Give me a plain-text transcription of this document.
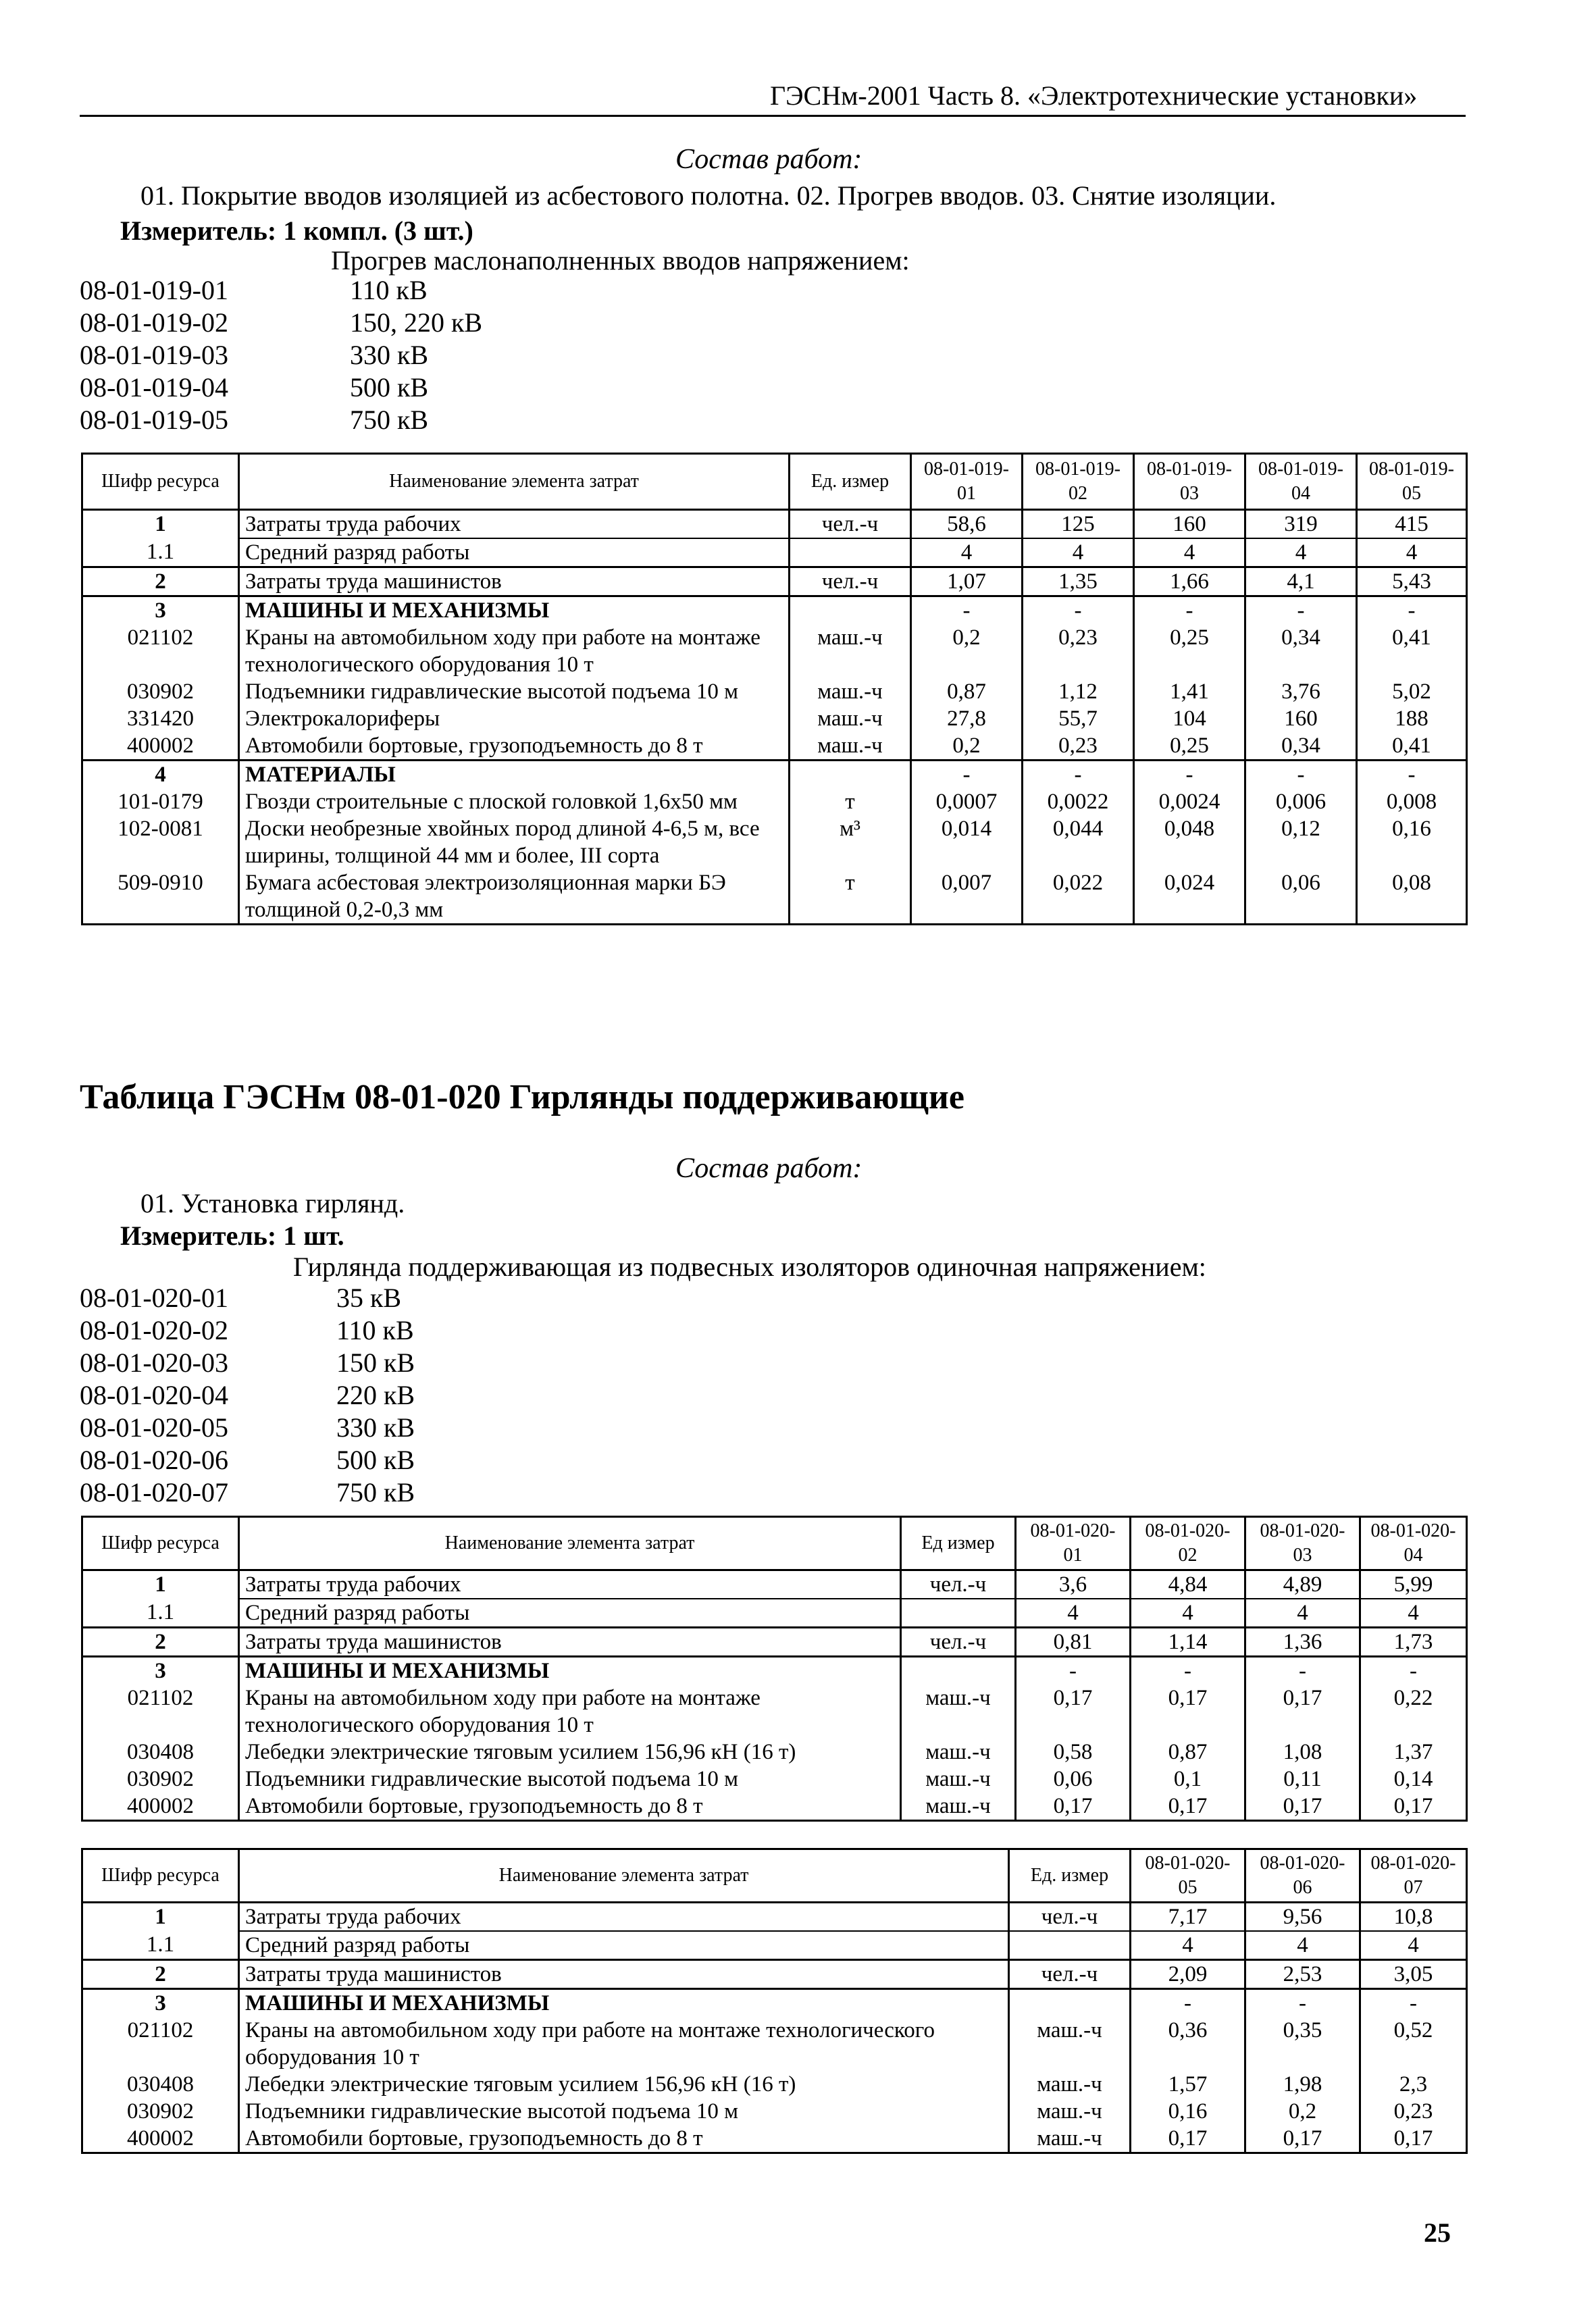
ГЭСНм-2001 Часть 8. «Электротехнические установки»
Состав работ:
01. Покрытие вводов изоляцией из асбестового полотна. 02. Прогрев вводов. 03. Снятие изоляции.
Измеритель: 1 компл. (3 шт.)
Прогрев маслонаполненных вводов напряжением:
08-01-019-01	110 кВ
08-01-019-02	150, 220 кВ
08-01-019-03	330 кВ
08-01-019-04	500 кВ
08-01-019-05	750 кВ
Шифр ресурса	Наименование элемента затрат	Ед. измер	08-01-019-01	08-01-019-02	08-01-019-03	08-01-019-04	08-01-019-05
1	Затраты труда рабочих	чел.-ч	58,6	125	160	319	415
1.1	Средний разряд работы		4	4	4	4	4
2	Затраты труда машинистов	чел.-ч	1,07	1,35	1,66	4,1	5,43
3	МАШИНЫ И МЕХАНИЗМЫ		-	-	-	-	-
021102	Краны на автомобильном ходу при работе на монтаже технологического оборудования 10 т	маш.-ч	0,2	0,23	0,25	0,34	0,41
030902	Подъемники гидравлические высотой подъема 10 м	маш.-ч	0,87	1,12	1,41	3,76	5,02
331420	Электрокалориферы	маш.-ч	27,8	55,7	104	160	188
400002	Автомобили бортовые, грузоподъемность до 8 т	маш.-ч	0,2	0,23	0,25	0,34	0,41
4	МАТЕРИАЛЫ		-	-	-	-	-
101-0179	Гвозди строительные с плоской головкой 1,6х50 мм	т	0,0007	0,0022	0,0024	0,006	0,008
102-0081	Доски необрезные хвойных пород длиной 4-6,5 м, все ширины, толщиной 44 мм и более, III сорта	м³	0,014	0,044	0,048	0,12	0,16
509-0910	Бумага асбестовая электроизоляционная марки БЭ толщиной 0,2-0,3 мм	т	0,007	0,022	0,024	0,06	0,08
Таблица ГЭСНм 08-01-020 Гирлянды поддерживающие
Состав работ:
01. Установка гирлянд.
Измеритель: 1 шт.
Гирлянда поддерживающая из подвесных изоляторов одиночная напряжением:
08-01-020-01	35 кВ
08-01-020-02	110 кВ
08-01-020-03	150 кВ
08-01-020-04	220 кВ
08-01-020-05	330 кВ
08-01-020-06	500 кВ
08-01-020-07	750 кВ
Шифр ресурса	Наименование элемента затрат	Ед измер	08-01-020-01	08-01-020-02	08-01-020-03	08-01-020-04
1	Затраты труда рабочих	чел.-ч	3,6	4,84	4,89	5,99
1.1	Средний разряд работы		4	4	4	4
2	Затраты труда машинистов	чел.-ч	0,81	1,14	1,36	1,73
3	МАШИНЫ И МЕХАНИЗМЫ		-	-	-	-
021102	Краны на автомобильном ходу при работе на монтаже технологического оборудования 10 т	маш.-ч	0,17	0,17	0,17	0,22
030408	Лебедки электрические тяговым усилием 156,96 кН (16 т)	маш.-ч	0,58	0,87	1,08	1,37
030902	Подъемники гидравлические высотой подъема 10 м	маш.-ч	0,06	0,1	0,11	0,14
400002	Автомобили бортовые, грузоподъемность до 8 т	маш.-ч	0,17	0,17	0,17	0,17
Шифр ресурса	Наименование элемента затрат	Ед. измер	08-01-020-05	08-01-020-06	08-01-020-07
1	Затраты труда рабочих	чел.-ч	7,17	9,56	10,8
1.1	Средний разряд работы		4	4	4
2	Затраты труда машинистов	чел.-ч	2,09	2,53	3,05
3	МАШИНЫ И МЕХАНИЗМЫ		-	-	-
021102	Краны на автомобильном ходу при работе на монтаже технологического оборудования 10 т	маш.-ч	0,36	0,35	0,52
030408	Лебедки электрические тяговым усилием 156,96 кН (16 т)	маш.-ч	1,57	1,98	2,3
030902	Подъемники гидравлические высотой подъема 10 м	маш.-ч	0,16	0,2	0,23
400002	Автомобили бортовые, грузоподъемность до 8 т	маш.-ч	0,17	0,17	0,17
25
